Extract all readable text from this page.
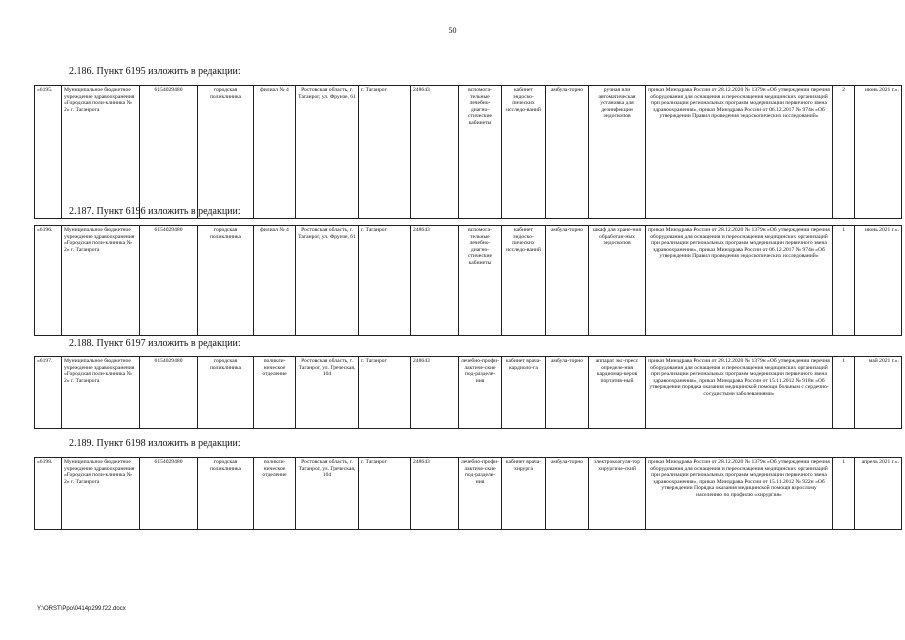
50
2.186. Пункт 6195 изложить в редакции:
«6195.	Муниципальное бюджетное учреждение здравоохранения «Городская поли-клиника № 2» г. Таганрога	6154029480	городская поликлиника	филиал № 4	Ростовская область, г. Таганрог, ул. Фрунзе, 61	г. Таганрог	248643	вспомога-тельные лечебно-диагно-стические кабинеты	кабинет эндоско-пических исследо-ваний	амбула-торно	ручная или автоматическая установка для дезинфекции эндоскопов	приказ Минздрава России от 28.12.2020 № 1379н «Об утверждении перечня оборудования для оснащения и переоснащения медицинских организаций при реализации региональных программ модернизации первичного звена здравоохранения», приказ Минздрава России от 06.12.2017 № 974н «Об утверждении Правил проведения эндоскопических исследований»	2	июнь 2021 г.».
2.187. Пункт 6196 изложить в редакции:
«6196.	Муниципальное бюджетное учреждение здравоохранения «Городская поли-клиника № 2» г. Таганрога	6154029480	городская поликлиника	филиал № 4	Ростовская область, г. Таганрог, ул. Фрунзе, 61	г. Таганрог	248643	вспомога-тельные лечебно-диагно-стические кабинеты	кабинет эндоско-пических исследо-ваний	амбула-торно	шкаф для хране-ния обработан-ных эндоскопов	приказ Минздрава России от 28.12.2020 № 1379н «Об утверждении перечня оборудования для оснащения и переоснащения медицинских организаций при реализации региональных программ модернизации первичного звена здравоохранения», приказ Минздрава России от 06.12.2017 № 974н «Об утверждении Правил проведения эндоскопических исследований»	1	июнь 2021 г.».
2.188. Пункт 6197 изложить в редакции:
«6197.	Муниципальное бюджетное учреждение здравоохранения «Городская поли-клиника № 2» г. Таганрога	6154029480	городская поликлиника	поликли-ническое отделение	Ростовская область, г. Таганрог, ул. Греческая, 104	г. Таганрог	248643	лечебно-профи-лактиче-ские под-разделе-ния	кабинет врача-кардиоло-га	амбула-торно	аппарат экс-пресс определе-ния кардиомар-керов портатив-ный	приказ Минздрава России от 28.12.2020 № 1379н «Об утверждении перечня оборудования для оснащения и переоснащения медицинских организаций при реализации региональных программ модернизации первичного звена здравоохранения», приказ Минздрава России от 15.11.2012 № 918н «Об утверждении порядка оказания медицинской помощи больным с сердечно-сосудистыми заболеваниями»	1	май 2021 г.».
2.189. Пункт 6198 изложить в редакции:
«6198.	Муниципальное бюджетное учреждение здравоохранения «Городская поли-клиника № 2» г. Таганрога	6154029480	городская поликлиника	поликли-ническое отделение	Ростовская область, г. Таганрог, ул. Греческая, 104	г. Таганрог	248643	лечебно-профи-лактиче-ские под-разделе-ния	кабинет врача-хирурга	амбула-торно	электрокоагуля-тор хирургиче-ский	приказ Минздрава России от 28.12.2020 № 1379н «Об утверждении перечня оборудования для оснащения и переоснащения медицинских организаций при реализации региональных программ модернизации первичного звена здравоохранения», приказ Минздрава России от 15.11.2012 № 922н «Об утверждении Порядка оказания медицинской помощи взрослому населению по профилю «хирургия»	1	апрель 2021 г.».
Y:\ORST\Ppo\0414p299.f22.docx
